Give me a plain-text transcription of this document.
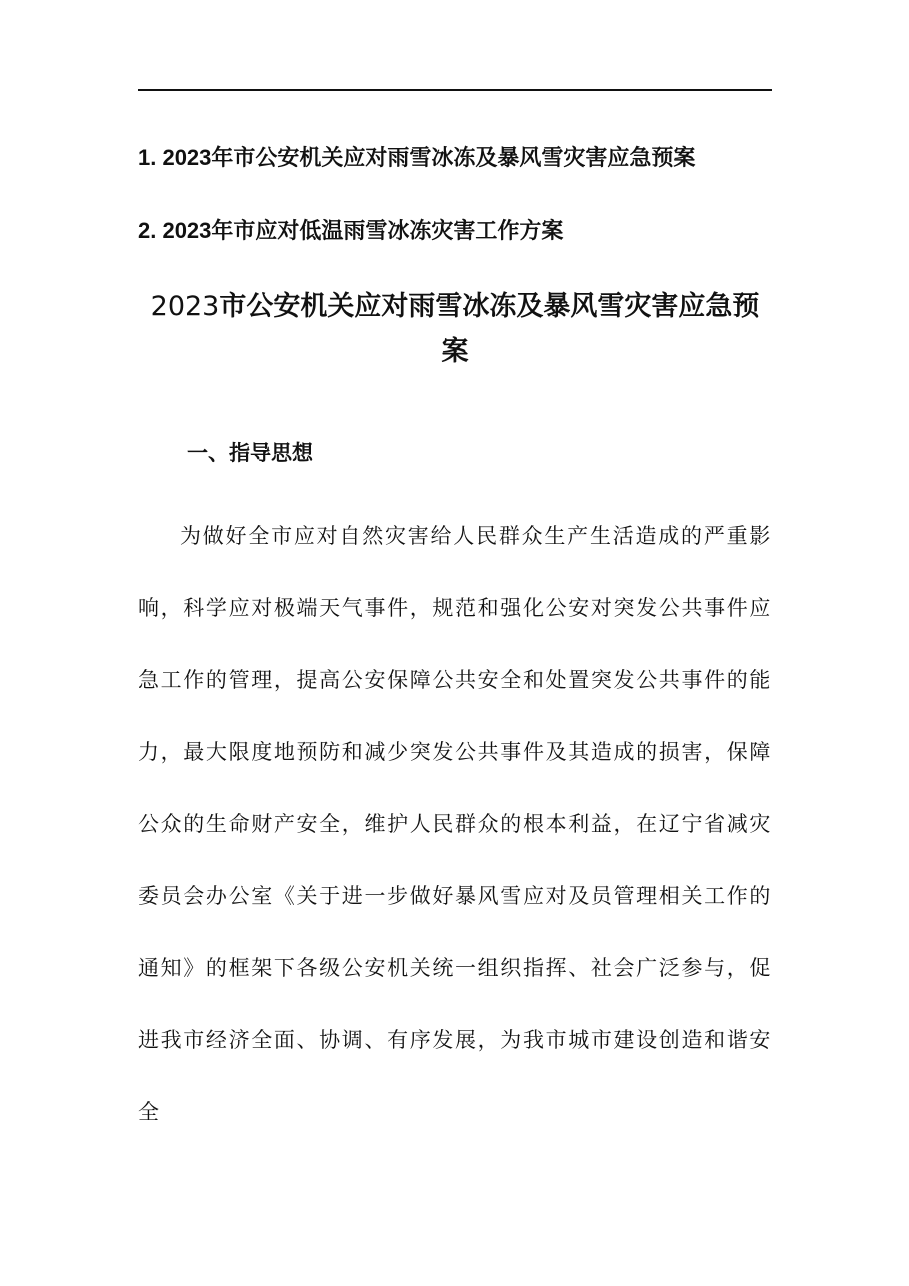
1. 2023年市公安机关应对雨雪冰冻及暴风雪灾害应急预案
2. 2023年市应对低温雨雪冰冻灾害工作方案
2023市公安机关应对雨雪冰冻及暴风雪灾害应急预案
一、指导思想
为做好全市应对自然灾害给人民群众生产生活造成的严重影响，科学应对极端天气事件，规范和强化公安对突发公共事件应急工作的管理，提高公安保障公共安全和处置突发公共事件的能力，最大限度地预防和减少突发公共事件及其造成的损害，保障公众的生命财产安全，维护人民群众的根本利益，在辽宁省减灾委员会办公室《关于进一步做好暴风雪应对及员管理相关工作的通知》的框架下各级公安机关统一组织指挥、社会广泛参与，促进我市经济全面、协调、有序发展，为我市城市建设创造和谐安全
